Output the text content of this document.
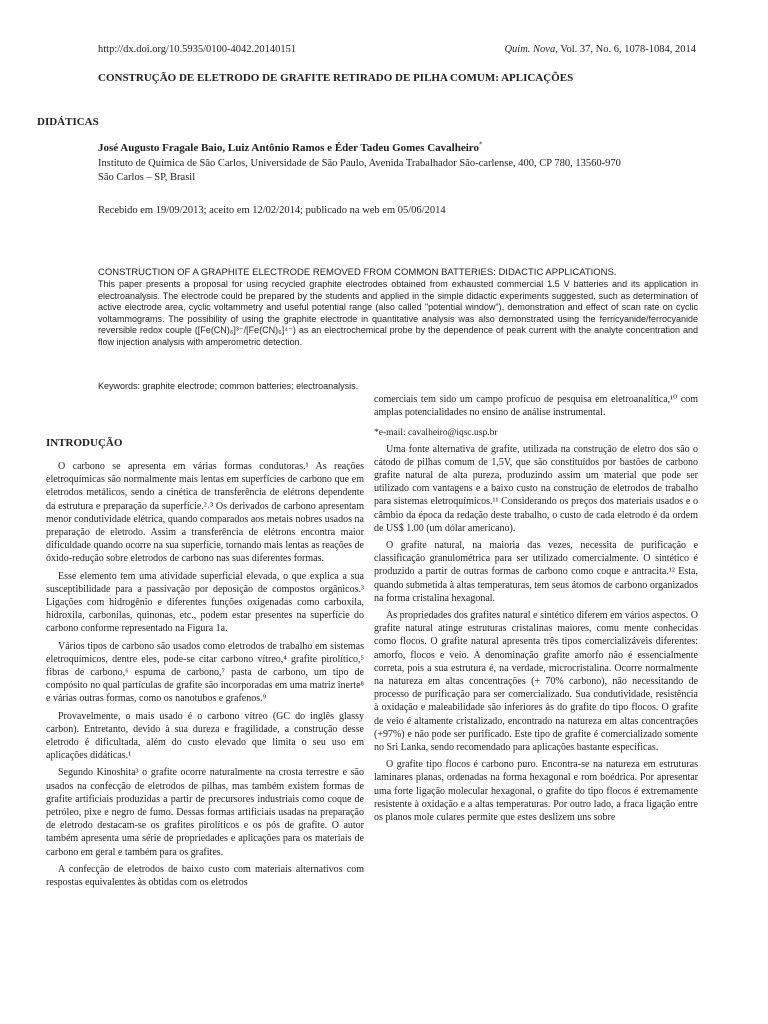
http://dx.doi.org/10.5935/0100-4042.20140151	Quim. Nova, Vol. 37, No. 6, 1078-1084, 2014
CONSTRUÇÃO DE ELETRODO DE GRAFITE RETIRADO DE PILHA COMUM: APLICAÇÕES
DIDÁTICAS
José Augusto Fragale Baio, Luiz Antônio Ramos e Éder Tadeu Gomes Cavalheiro*
Instituto de Química de São Carlos, Universidade de São Paulo, Avenida Trabalhador São-carlense, 400, CP 780, 13560-970
São Carlos – SP, Brasil
Recebido em 19/09/2013; aceito em 12/02/2014; publicado na web em 05/06/2014
CONSTRUCTION OF A GRAPHITE ELECTRODE REMOVED FROM COMMON BATTERIES: DIDACTIC APPLICATIONS.
This paper presents a proposal for using recycled graphite electrodes obtained from exhausted commercial 1.5 V batteries and its application in electroanalysis. The electrode could be prepared by the students and applied in the simple didactic experiments suggested, such as determination of active electrode area, cyclic voltammetry and useful potential range (also called "potential window"), demonstration and effect of scan rate on cyclic voltammograms. The possibility of using the graphite electrode in quantitative analysis was also demonstrated using the ferricyanide/ferrocyanide reversible redox couple ([Fe(CN)₆]³⁻/[Fe(CN)₆]⁴⁻) as an electrochemical probe by the dependence of peak current with the analyte concentration and flow injection analysis with amperometric detection.
Keywords: graphite electrode; common batteries; electroanalysis.
INTRODUÇÃO

O carbono se apresenta em várias formas condutoras.¹ As reações eletroquímicas são normalmente mais lentas em superfícies de carbono que em eletrodos metálicos, sendo a cinética de transferência de elétrons dependente da estrutura e preparação da superfície.²˒³ Os derivados de carbono apresentam menor condutividade elétrica, quando comparados aos metais nobres usados na preparação de eletrodo. Assim a transferência de elétrons encontra maior dificuldade quando ocorre na sua superfície, tornando mais lentas as reações de óxido-redução sobre eletrodos de carbono nas suas diferentes formas.

Esse elemento tem uma atividade superficial elevada, o que explica a sua susceptibilidade para a passivação por deposição de compostos orgânicos.³ Ligações com hidrogênio e diferentes funções oxigenadas como carboxila, hidroxila, carbonilas, quinonas, etc., podem estar presentes na superfície do carbono conforme representado na Figura 1a.

Vários tipos de carbono são usados como eletrodos de trabalho em sistemas eletroquímicos, dentre eles, pode-se citar carbono vítreo,⁴ grafite pirolítico,⁵ fibras de carbono,⁶ espuma de carbono,⁷ pasta de carbono, um tipo de compósito no qual partículas de grafite são incorporadas em uma matriz inerte⁸ e várias outras formas, como os nanotubos e grafenos.⁹

Provavelmente, o mais usado é o carbono vítreo (GC do inglês glassy carbon). Entretanto, devido à sua dureza e fragilidade, a construção desse eletrodo é dificultada, além do custo elevado que limita o seu uso em aplicações didáticas.¹

Segundo Kinoshita³ o grafite ocorre naturalmente na crosta terrestre e são usados na confecção de eletrodos de pilhas, mas também existem formas de grafite artificiais produzidas a partir de precursores industriais como coque de petróleo, pixe e negro de fumo. Dessas formas artificiais usadas na preparação de eletrodo destacam-se os grafites pirolíticos e os pós de grafite. O autor também apresenta uma série de propriedades e aplicações para os materiais de carbono em geral e também para os grafites.

A confecção de eletrodos de baixo custo com materiais alternativos com respostas equivalentes às obtidas com os eletrodos

comerciais tem sido um campo profícuo de pesquisa em eletroanalítica,¹⁰ com amplas potencialidades no ensino de análise instrumental.

*e-mail: cavalheiro@iqsc.usp.br

Uma fonte alternativa de grafite, utilizada na construção de eletro dos são o cátodo de pilhas comum de 1,5V, que são constituídos por bastões de carbono grafite natural de alta pureza, produzindo assim um material que pode ser utilizado com vantagens e a baixo custo na construção de eletrodos de trabalho para sistemas eletroquímicos.¹¹ Considerando os preços dos materiais usados e o câmbio da época da redação deste trabalho, o custo de cada eletrodo é da ordem de US$ 1.00 (um dólar americano).

O grafite natural, na maioria das vezes, necessita de purificação e classificação granulométrica para ser utilizado comercialmente. O sintético é produzido a partir de outras formas de carbono como coque e antracita.¹² Esta, quando submetida à altas temperaturas, tem seus átomos de carbono organizados na forma cristalina hexagonal.

As propriedades dos grafites natural e sintético diferem em vários aspectos. O grafite natural atinge estruturas cristalinas maiores, comu mente conhecidas como flocos. O grafite natural apresenta três tipos comercializáveis diferentes: amorfo, flocos e veio. A denominação grafite amorfo não é essencialmente correta, pois a sua estrutura é, na verdade, microcristalina. Ocorre normalmente na natureza em altas concentrações (+ 70% carbono), não necessitando de processo de purificação para ser comercializado. Sua condutividade, resistência à oxidação e maleabilidade são inferiores às do grafite do tipo flocos. O grafite de veio é altamente cristalizado, encontrado na natureza em altas concentrações (+97%) e não pode ser purificado. Este tipo de grafite é comercializado somente no Sri Lanka, sendo recomendado para aplicações bastante específicas.

O grafite tipo flocos é carbono puro. Encontra-se na natureza em estruturas laminares planas, ordenadas na forma hexagonal e rom boédrica. Por apresentar uma forte ligação molecular hexagonal, o grafite do tipo flocos é extremamente resistente à oxidação e a altas temperaturas. Por outro lado, a fraca ligação entre os planos mole culares permite que estes deslizem uns sobre
